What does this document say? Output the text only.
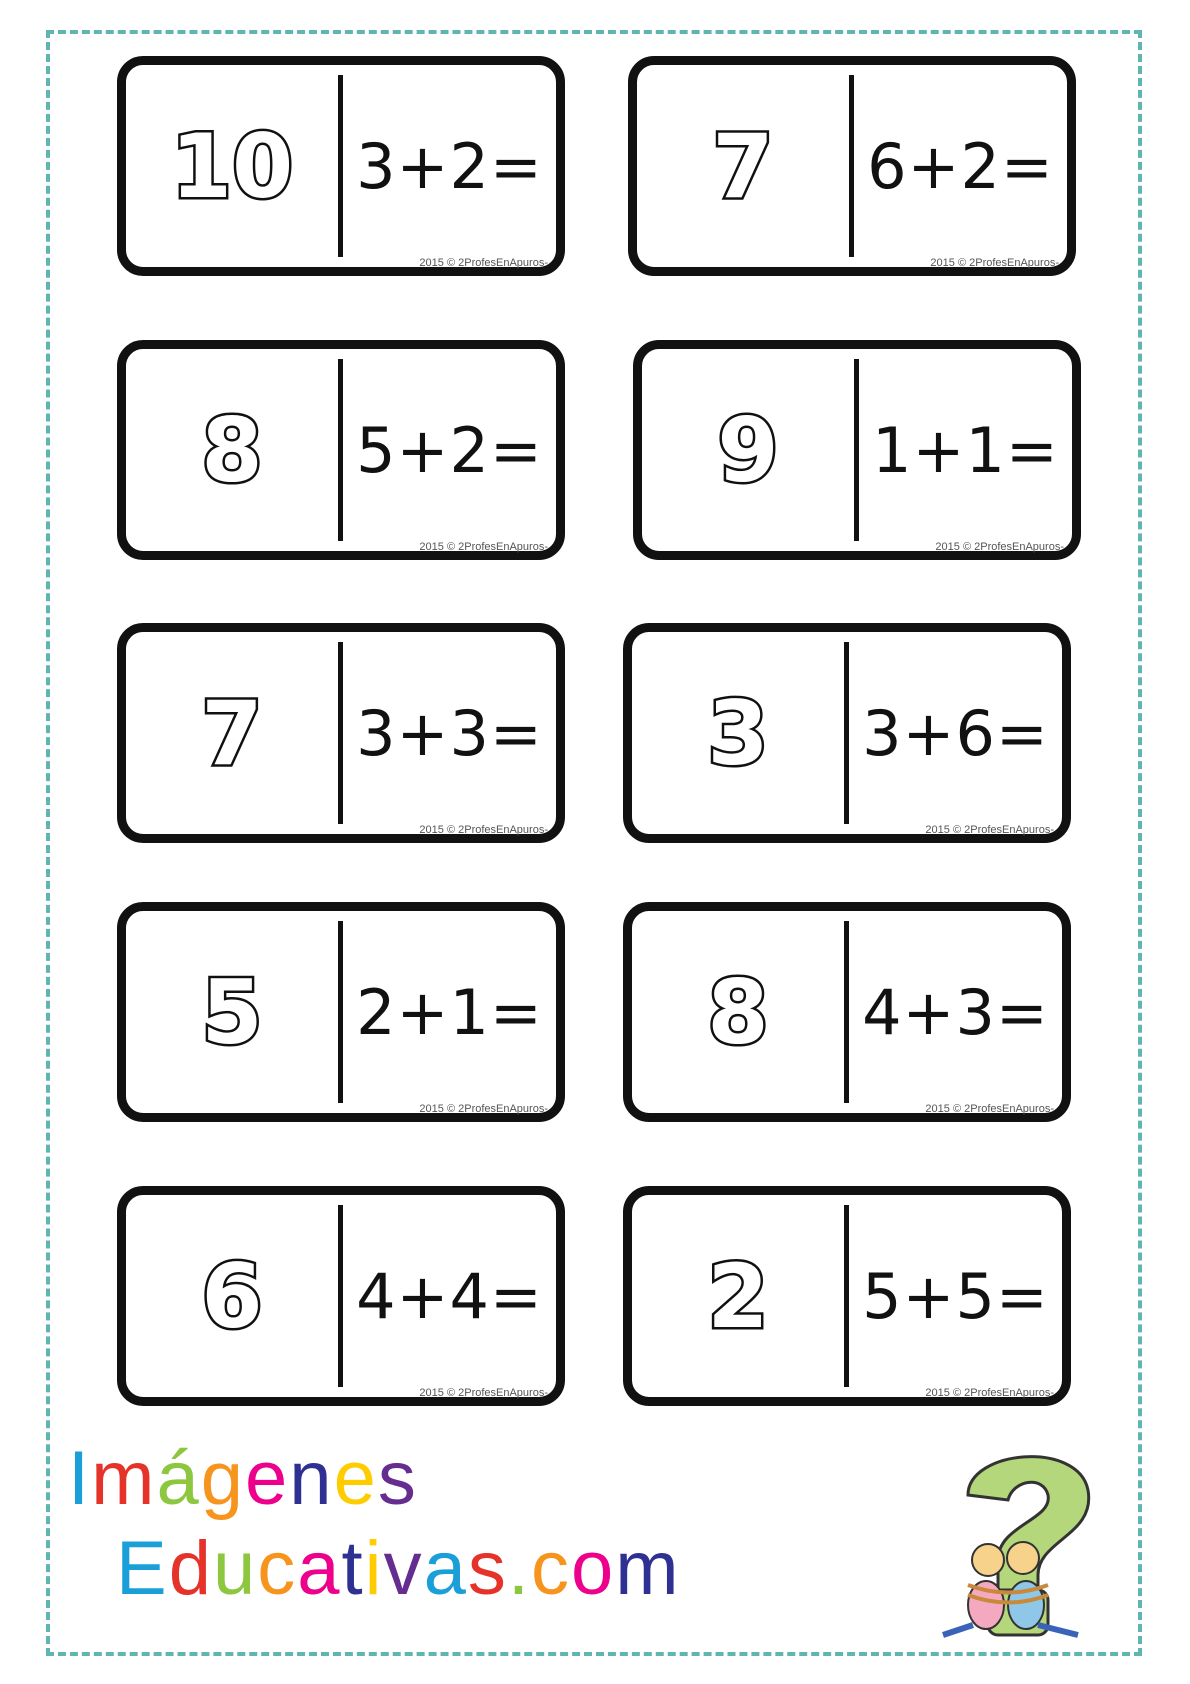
10	3+2=
2015 © 2ProfesEnApuros-
7	6+2=
2015 © 2ProfesEnApuros-
8	5+2=
2015 © 2ProfesEnApuros-
9	1+1=
2015 © 2ProfesEnApuros-
7	3+3=
2015 © 2ProfesEnApuros-
3	3+6=
2015 © 2ProfesEnApuros-
5	2+1=
2015 © 2ProfesEnApuros-
8	4+3=
2015 © 2ProfesEnApuros-
6	4+4=
2015 © 2ProfesEnApuros-
2	5+5=
2015 © 2ProfesEnApuros-
Imágenes
Educativas.com
